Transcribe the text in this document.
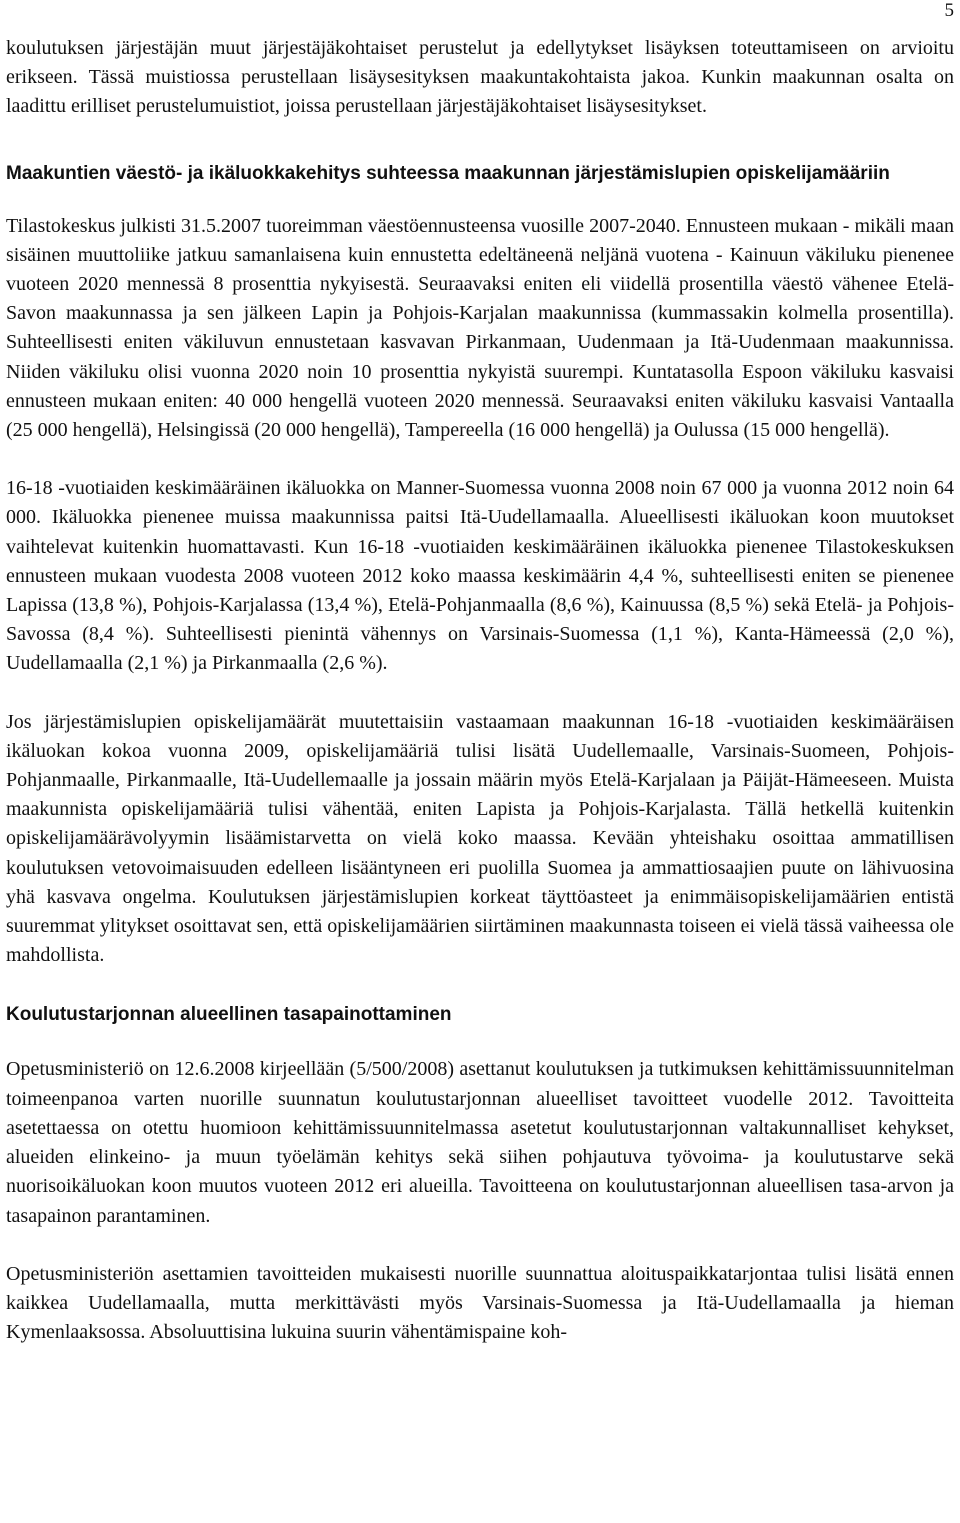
5

koulutuksen järjestäjän muut järjestäjäkohtaiset perustelut ja edellytykset lisäyksen toteuttamiseen on arvioitu erikseen. Tässä muistiossa perustellaan lisäysesityksen maakuntakohtaista jakoa. Kunkin maakunnan osalta on laadittu erilliset perustelumuistiot, joissa perustellaan järjestäjäkohtaiset lisäysesitykset.

Maakuntien väestö- ja ikäluokkakehitys suhteessa maakunnan järjestämislupien opiskelijamääriin

Tilastokeskus julkisti 31.5.2007 tuoreimman väestöennusteensa vuosille 2007-2040. Ennusteen mukaan - mikäli maan sisäinen muuttoliike jatkuu samanlaisena kuin ennustetta edeltäneenä neljänä vuotena - Kainuun väkiluku pienenee vuoteen 2020 mennessä 8 prosenttia nykyisestä. Seuraavaksi eniten eli viidellä prosentilla väestö vähenee Etelä-Savon maakunnassa ja sen jälkeen Lapin ja Pohjois-Karjalan maakunnissa (kummassakin kolmella prosentilla). Suhteellisesti eniten väkiluvun ennustetaan kasvavan Pirkanmaan, Uudenmaan ja Itä-Uudenmaan maakunnissa. Niiden väkiluku olisi vuonna 2020 noin 10 prosenttia nykyistä suurempi. Kuntatasolla Espoon väkiluku kasvaisi ennusteen mukaan eniten: 40 000 hengellä vuoteen 2020 mennessä. Seuraavaksi eniten väkiluku kasvaisi Vantaalla (25 000 hengellä), Helsingissä (20 000 hengellä), Tampereella (16 000 hengellä) ja Oulussa (15 000 hengellä).

16-18 -vuotiaiden keskimääräinen ikäluokka on Manner-Suomessa vuonna 2008 noin 67 000 ja vuonna 2012 noin 64 000. Ikäluokka pienenee muissa maakunnissa paitsi Itä-Uudellamaalla. Alueellisesti ikäluokan koon muutokset vaihtelevat kuitenkin huomattavasti. Kun 16-18 -vuotiaiden keskimääräinen ikäluokka pienenee Tilastokeskuksen ennusteen mukaan vuodesta 2008 vuoteen 2012 koko maassa keskimäärin 4,4 %, suhteellisesti eniten se pienenee Lapissa (13,8 %), Pohjois-Karjalassa (13,4 %), Etelä-Pohjanmaalla (8,6 %), Kainuussa (8,5 %) sekä Etelä- ja Pohjois-Savossa (8,4 %). Suhteellisesti pienintä vähennys on Varsinais-Suomessa (1,1 %), Kanta-Hämeessä (2,0 %), Uudellamaalla (2,1 %) ja Pirkanmaalla (2,6 %).

Jos järjestämislupien opiskelijamäärät muutettaisiin vastaamaan maakunnan 16-18 -vuotiaiden keskimääräisen ikäluokan kokoa vuonna 2009, opiskelijamääriä tulisi lisätä Uudellemaalle, Varsinais-Suomeen, Pohjois-Pohjanmaalle, Pirkanmaalle, Itä-Uudellemaalle ja jossain määrin myös Etelä-Karjalaan ja Päijät-Hämeeseen. Muista maakunnista opiskelijamääriä tulisi vähentää, eniten Lapista ja Pohjois-Karjalasta. Tällä hetkellä kuitenkin opiskelijamäärävolyymin lisäämistarvetta on vielä koko maassa. Kevään yhteishaku osoittaa ammatillisen koulutuksen vetovoimaisuuden edelleen lisääntyneen eri puolilla Suomea ja ammattiosaajien puute on lähivuosina yhä kasvava ongelma. Koulutuksen järjestämislupien korkeat täyttöasteet ja enimmäisopiskelijamäärien entistä suuremmat ylitykset osoittavat sen, että opiskelijamäärien siirtäminen maakunnasta toiseen ei vielä tässä vaiheessa ole mahdollista.

Koulutustarjonnan alueellinen tasapainottaminen

Opetusministeriö on 12.6.2008 kirjeellään (5/500/2008) asettanut koulutuksen ja tutkimuksen kehittämissuunnitelman toimeenpanoa varten nuorille suunnatun koulutustarjonnan alueelliset tavoitteet vuodelle 2012. Tavoitteita asetettaessa on otettu huomioon kehittämissuunnitelmassa asetetut koulutustarjonnan valtakunnalliset kehykset, alueiden elinkeino- ja muun työelämän kehitys sekä siihen pohjautuva työvoima- ja koulutustarve sekä nuorisoikäluokan koon muutos vuoteen 2012 eri alueilla. Tavoitteena on koulutustarjonnan alueellisen tasa-arvon ja tasapainon parantaminen.

Opetusministeriön asettamien tavoitteiden mukaisesti nuorille suunnattua aloituspaikkatarjontaa tulisi lisätä ennen kaikkea Uudellamaalla, mutta merkittävästi myös Varsinais-Suomessa ja Itä-Uudellamaalla ja hieman Kymenlaaksossa. Absoluuttisina lukuina suurin vähentämispaine koh-
